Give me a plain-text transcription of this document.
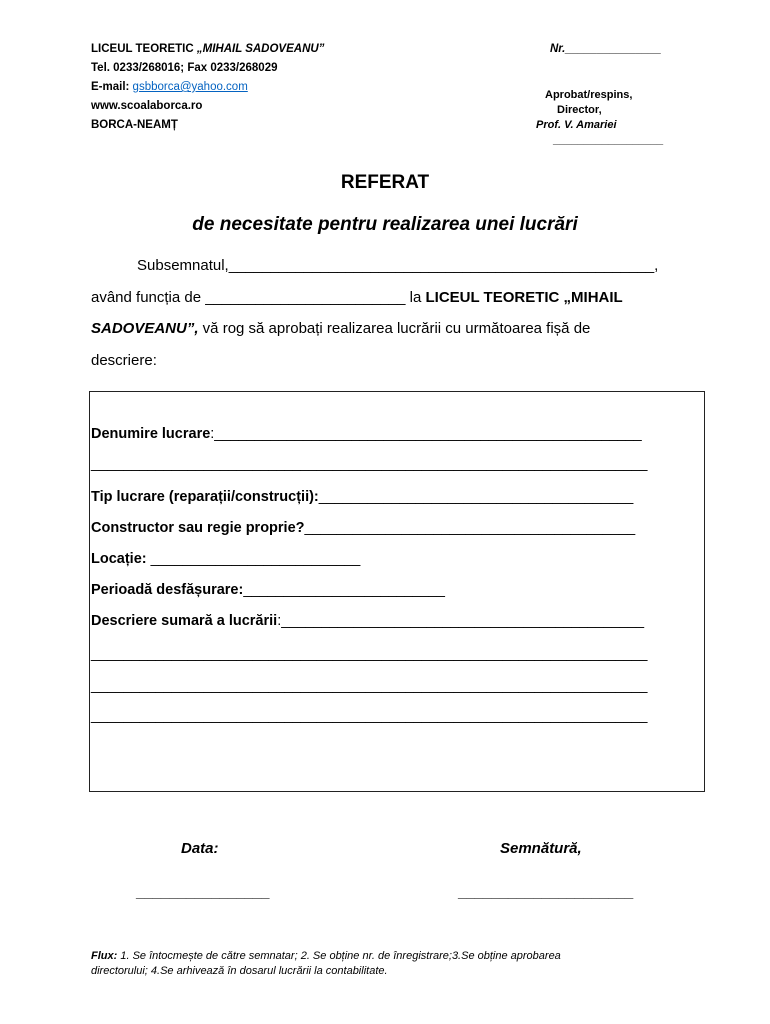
LICEUL TEORETIC „MIHAIL SADOVEANU”
Tel. 0233/268016; Fax 0233/268029
E-mail: gsbborca@yahoo.com
www.scoalaborca.ro
BORCA-NEAMȚ
Nr._______________
Aprobat/respins,
Director,
Prof. V. Amariei
__________________
REFERAT
de necesitate pentru realizarea unei lucrări
Subsemnatul,___________________________________________________,
având funcția de ________________________ la LICEUL TEORETIC „MIHAIL
SADOVEANU”, vă rog să aprobați realizarea lucrării cu următoarea fișă de
descriere:
Denumire lucrare:_____________________________________________________
_____________________________________________________________________
Tip lucrare (reparații/construcții):_______________________________________
Constructor sau regie proprie?_________________________________________
Locație: __________________________
Perioadă desfășurare:_________________________
Descriere sumară a lucrării:_____________________________________________
_____________________________________________________________________
_____________________________________________________________________
_____________________________________________________________________
Data:	Semnătură,
________________	_____________________
Flux: 1. Se întocmește de către semnatar; 2. Se obține nr. de înregistrare;3.Se obține aprobarea
directorului; 4.Se arhivează în dosarul lucrării la contabilitate.
